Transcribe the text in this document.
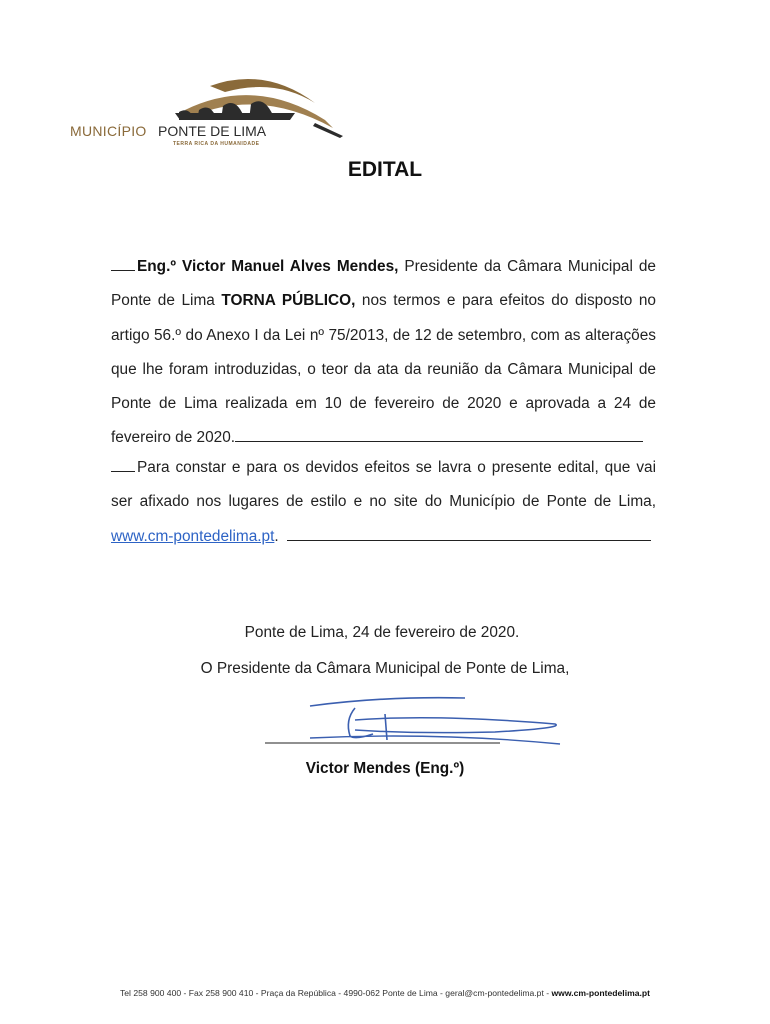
MUNICÍPIO PONTE DE LIMA
TERRA RICA DA HUMANIDADE
EDITAL
Eng.º Victor Manuel Alves Mendes, Presidente da Câmara Municipal de Ponte de Lima TORNA PÚBLICO, nos termos e para efeitos do disposto no artigo 56.º do Anexo I da Lei nº 75/2013, de 12 de setembro, com as alterações que lhe foram introduzidas, o teor da ata da reunião da Câmara Municipal de Ponte de Lima realizada em 10 de fevereiro de 2020 e aprovada a 24 de fevereiro de 2020.
Para constar e para os devidos efeitos se lavra o presente edital, que vai ser afixado nos lugares de estilo e no site do Município de Ponte de Lima, www.cm-pontedelima.pt.
Ponte de Lima, 24 de fevereiro de 2020.
O Presidente da Câmara Municipal de Ponte de Lima,
Victor Mendes (Eng.º)
Tel 258 900 400 - Fax 258 900 410 - Praça da República - 4990-062 Ponte de Lima - geral@cm-pontedelima.pt - www.cm-pontedelima.pt
